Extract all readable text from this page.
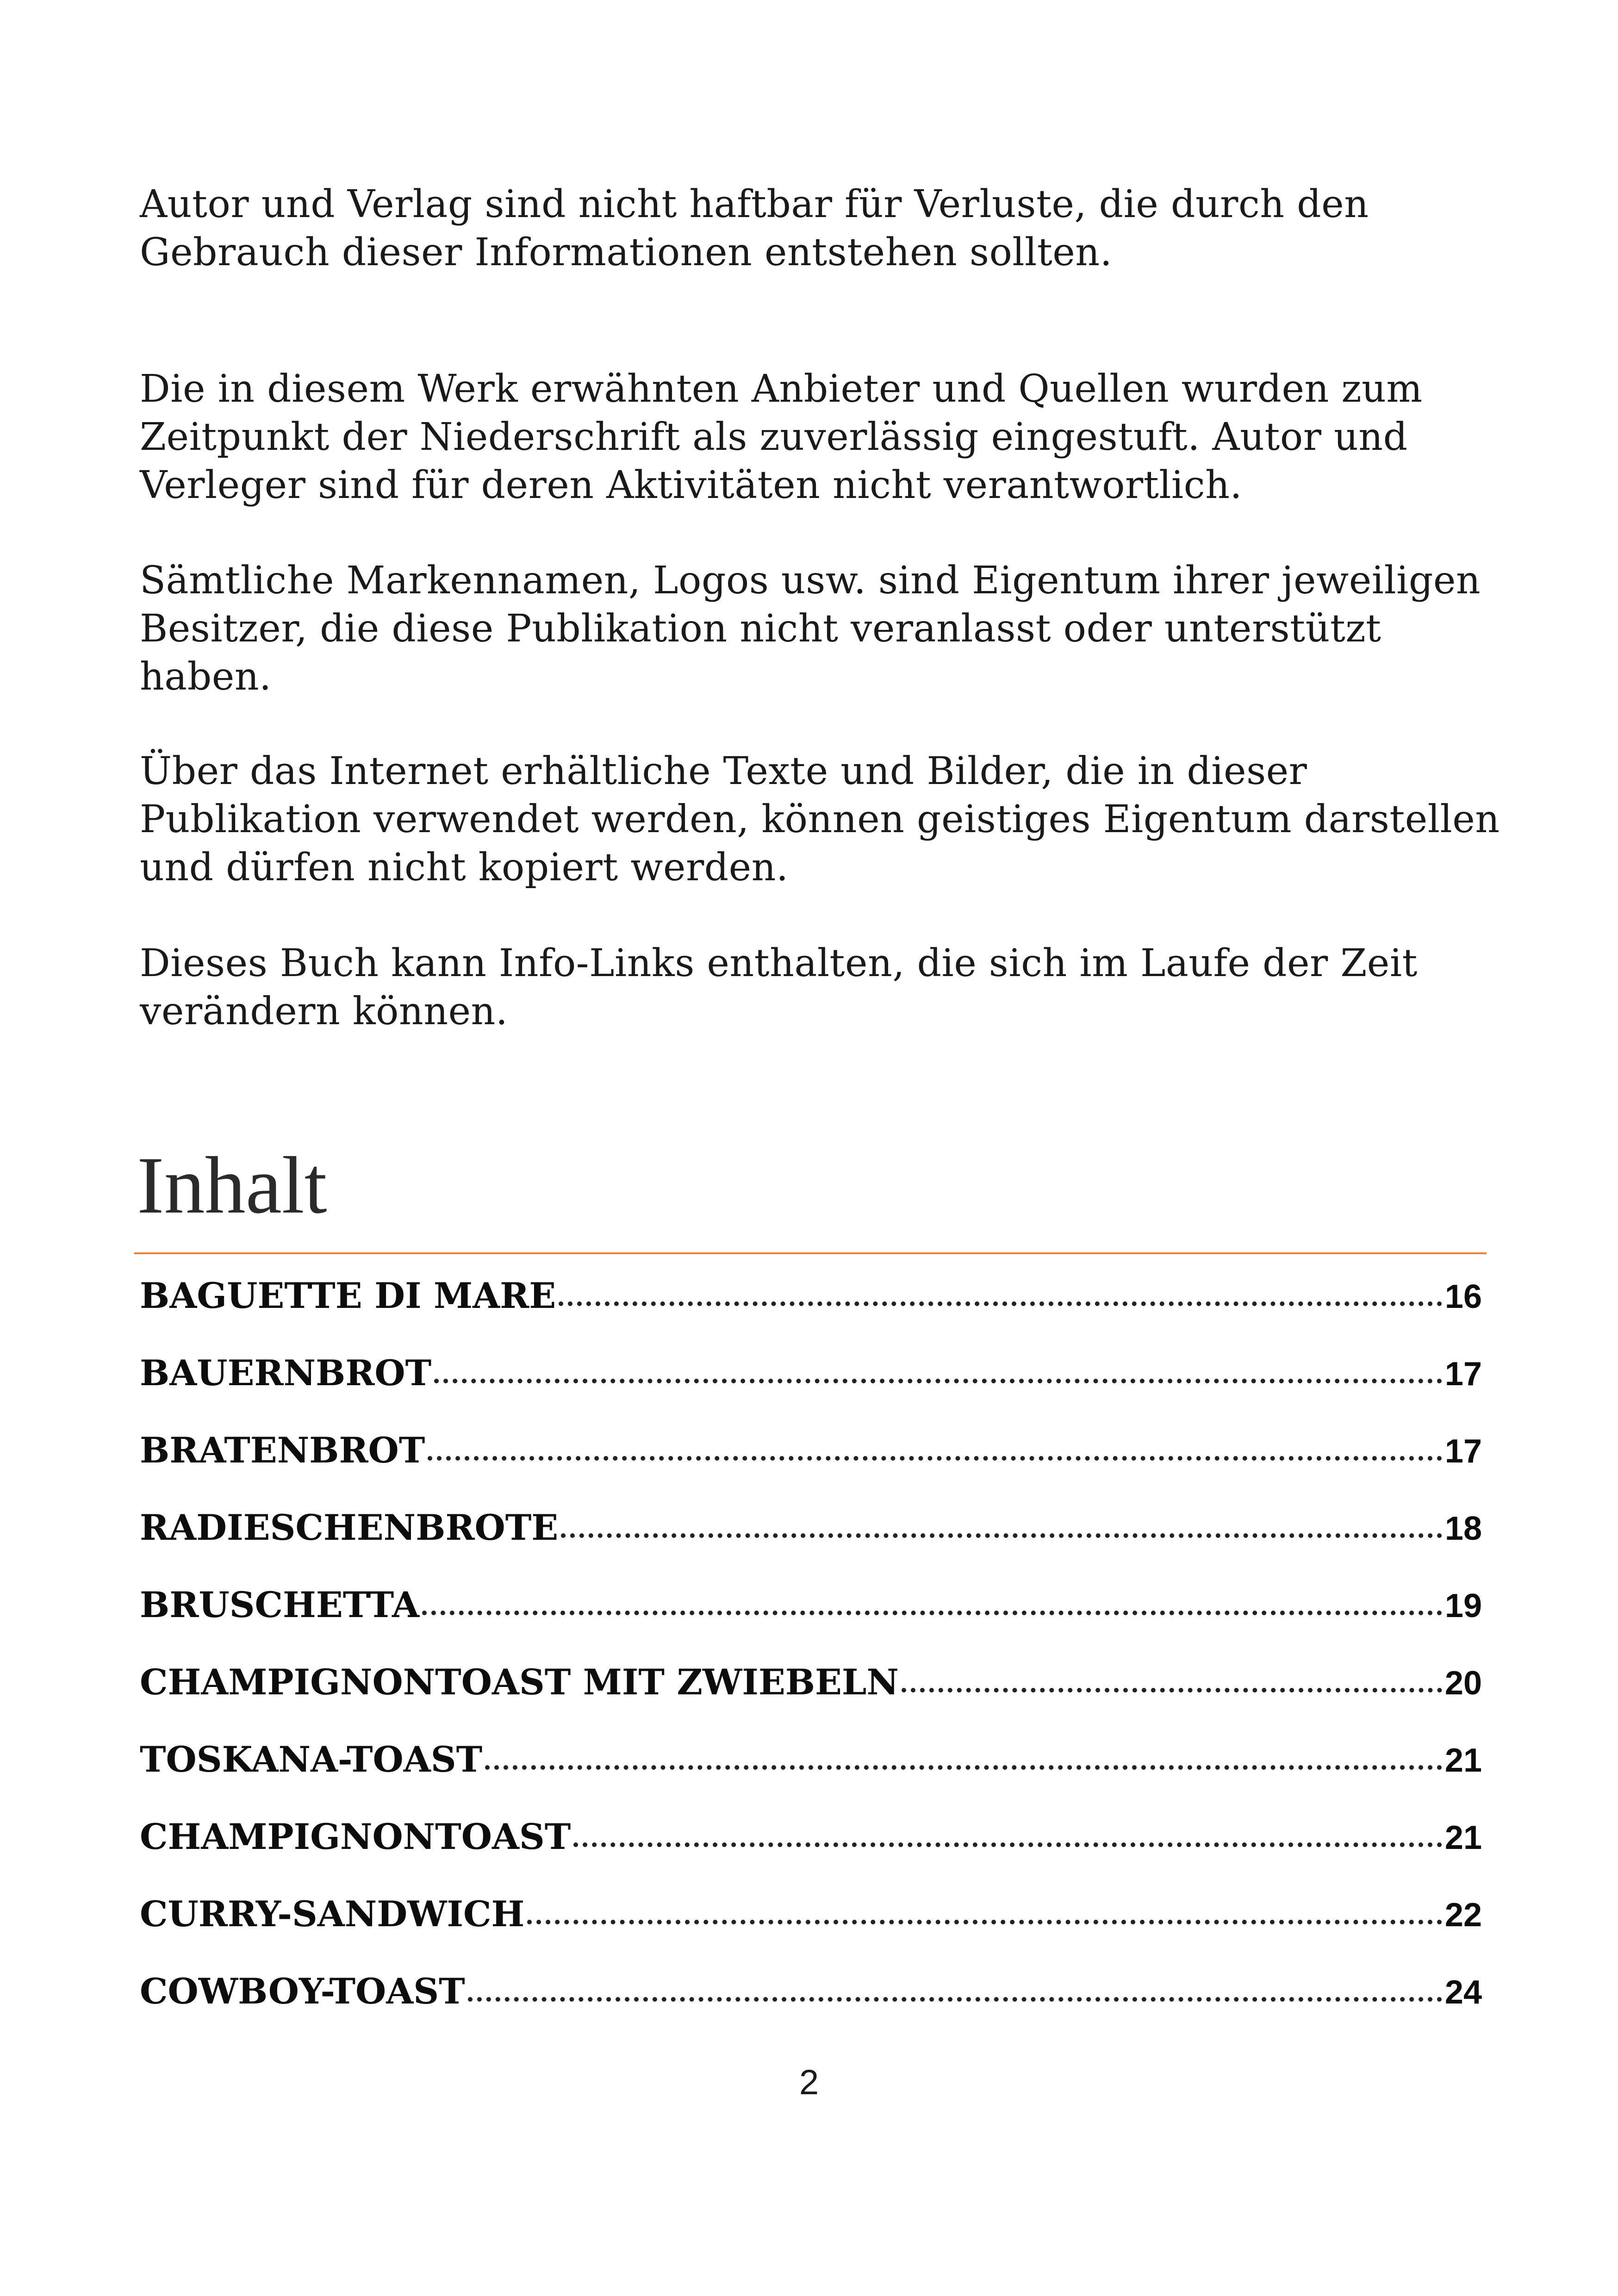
Autor und Verlag sind nicht haftbar für Verluste, die durch den Gebrauch dieser Informationen entstehen sollten.

Die in diesem Werk erwähnten Anbieter und Quellen wurden zum Zeitpunkt der Niederschrift als zuverlässig eingestuft. Autor und Verleger sind für deren Aktivitäten nicht verantwortlich.

Sämtliche Markennamen, Logos usw. sind Eigentum ihrer jeweiligen Besitzer, die diese Publikation nicht veranlasst oder unterstützt haben.

Über das Internet erhältliche Texte und Bilder, die in dieser Publikation verwendet werden, können geistiges Eigentum darstellen und dürfen nicht kopiert werden.

Dieses Buch kann Info-Links enthalten, die sich im Laufe der Zeit verändern können.

Inhalt
BAGUETTE DI MARE	16
BAUERNBROT	17
BRATENBROT	17
RADIESCHENBROTE	18
BRUSCHETTA	19
CHAMPIGNONTOAST MIT ZWIEBELN	20
TOSKANA-TOAST	21
CHAMPIGNONTOAST	21
CURRY-SANDWICH	22
COWBOY-TOAST	24
2
